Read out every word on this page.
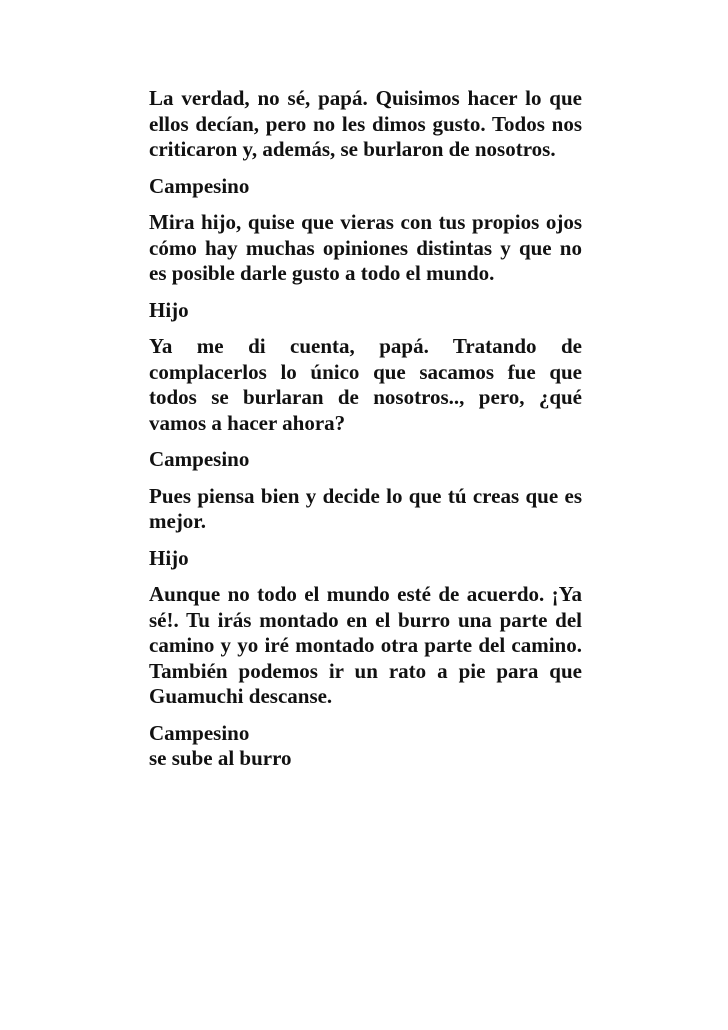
La verdad, no sé, papá. Quisimos hacer lo que ellos decían, pero no les dimos gusto. Todos nos criticaron y, además, se burlaron de nosotros.

Campesino

Mira hijo, quise que vieras con tus propios ojos cómo hay muchas opiniones distintas y que no es posible darle gusto a todo el mundo.

Hijo

Ya me di cuenta, papá. Tratando de complacerlos lo único que sacamos fue que todos se burlaran de nosotros.., pero, ¿qué vamos a hacer ahora?

Campesino

Pues piensa bien y decide lo que tú creas que es mejor.

Hijo

Aunque no todo el mundo esté de acuerdo. ¡Ya sé!. Tu irás montado en el burro una parte del camino y yo iré montado otra parte del camino. También podemos ir un rato a pie para que Guamuchi descanse.

Campesino

se sube al burro
